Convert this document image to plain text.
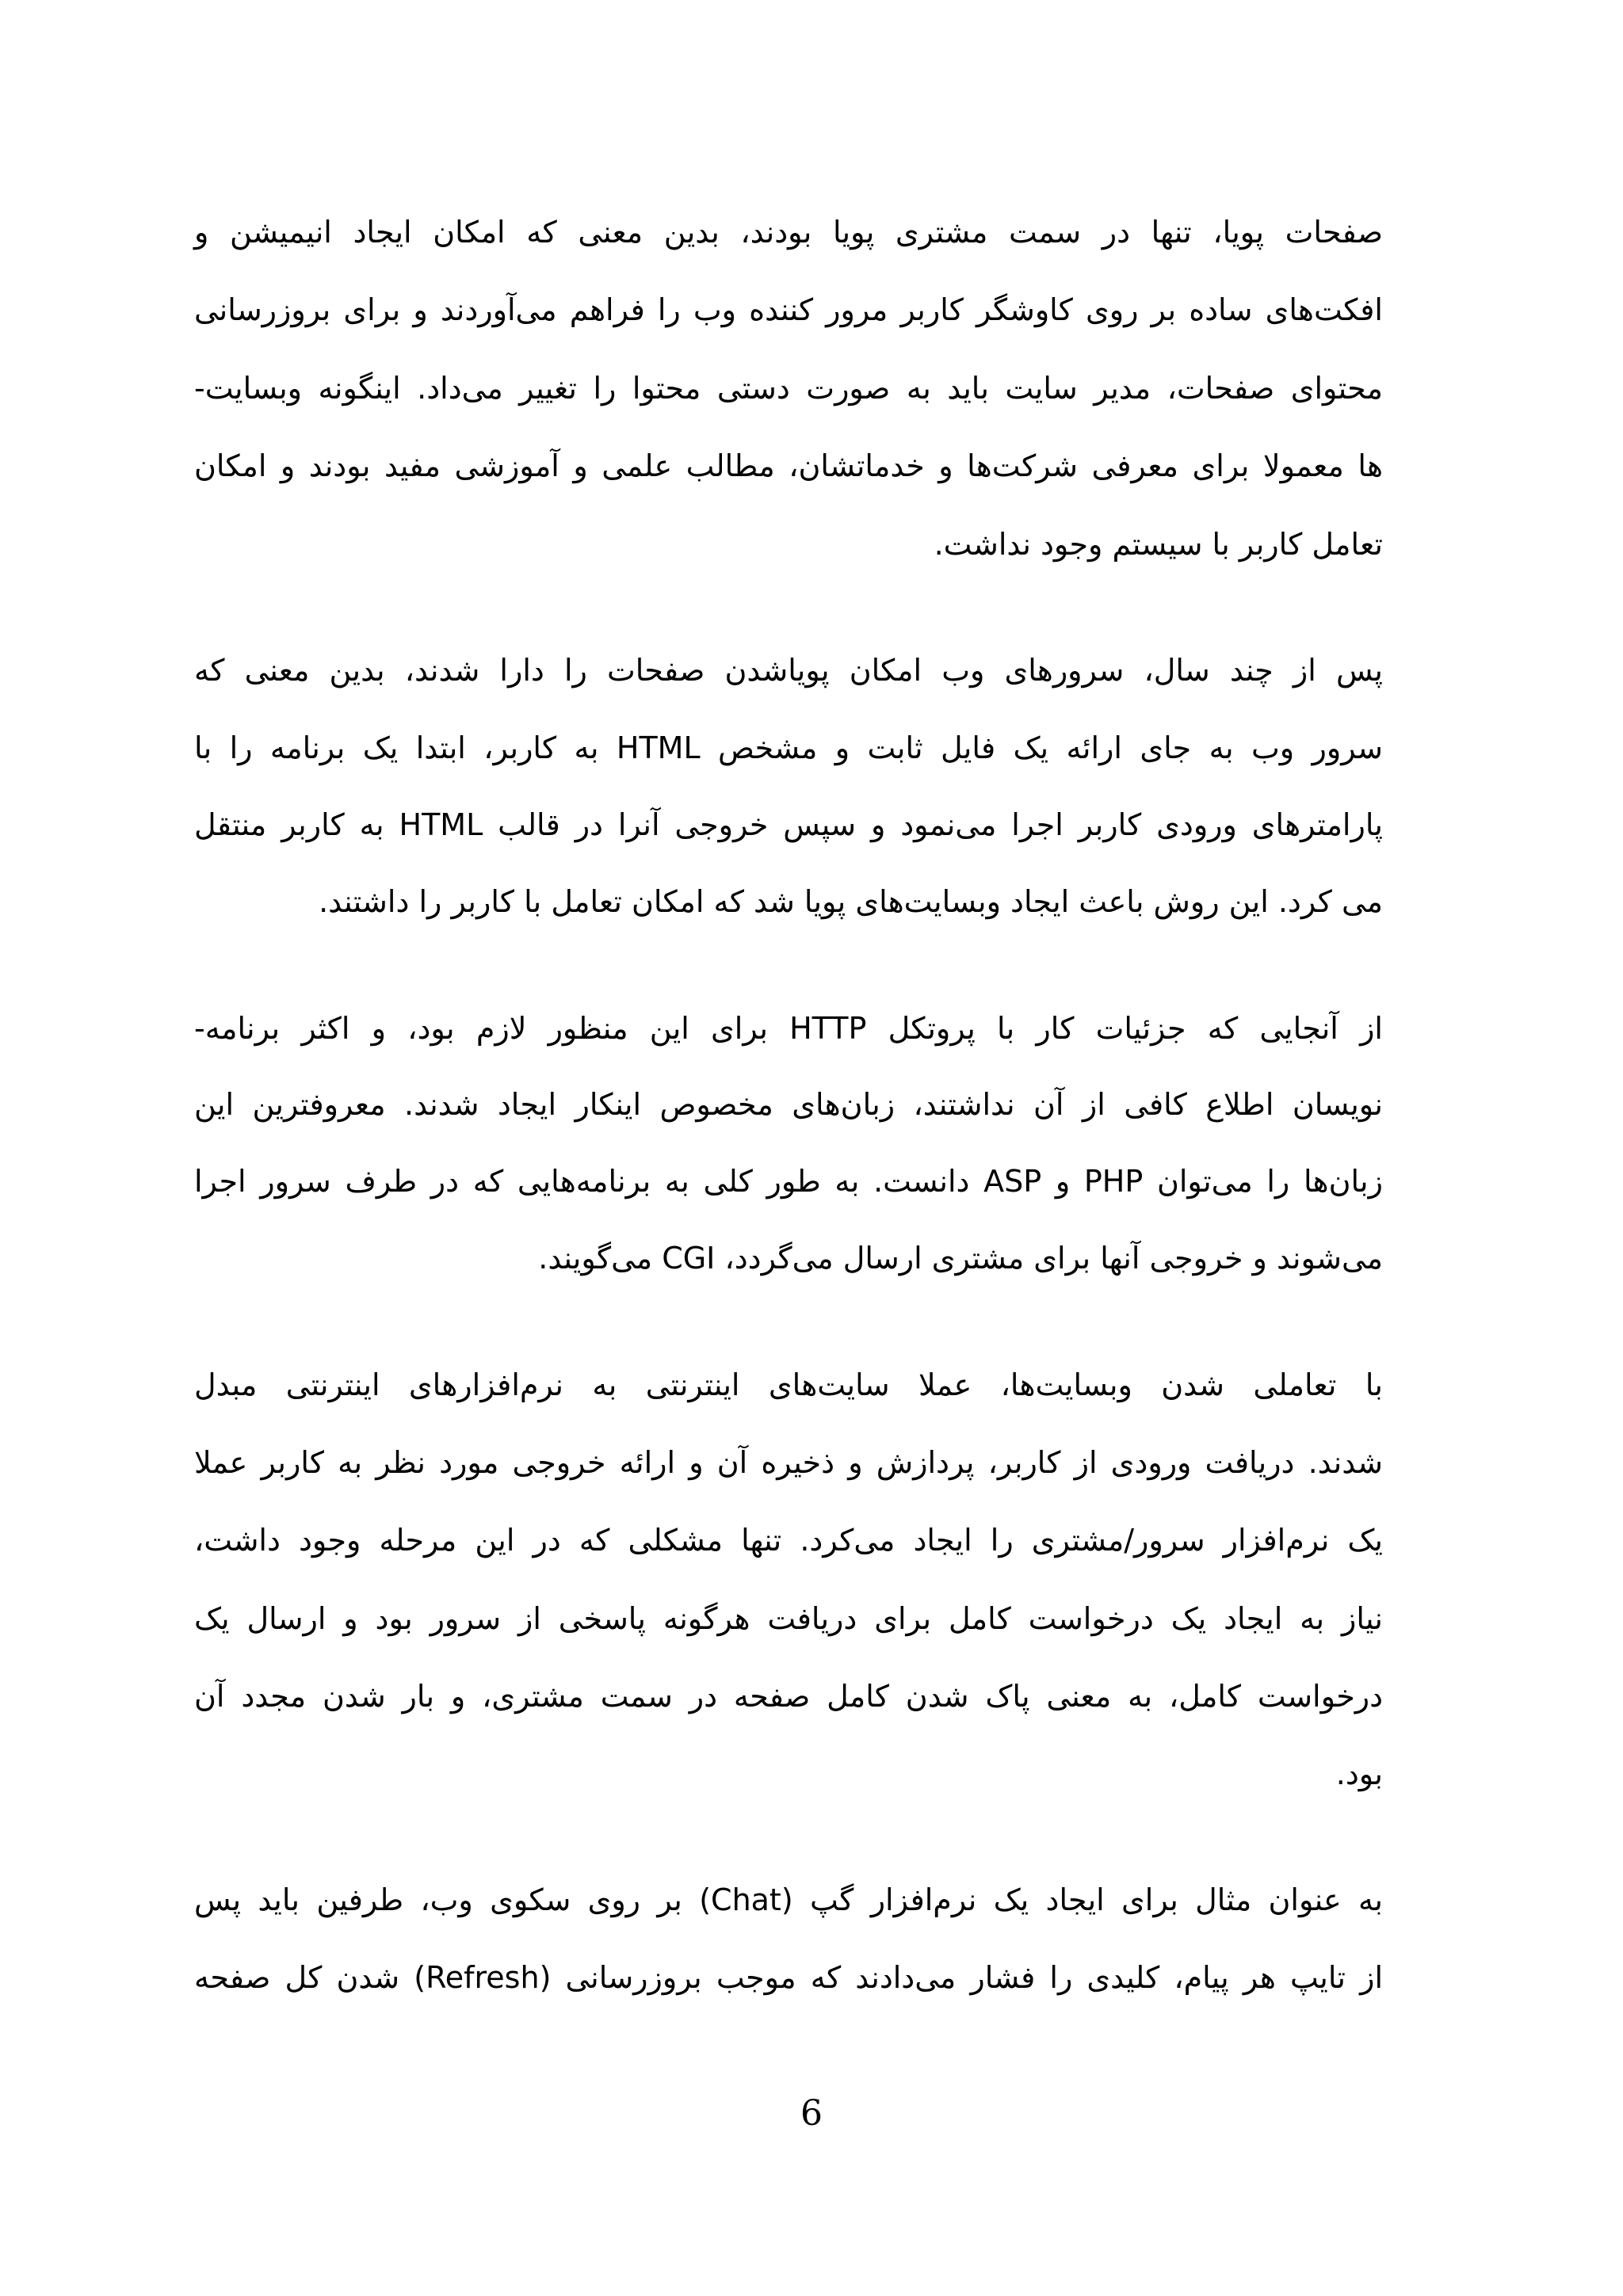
صفحات پویا، تنها در سمت مشتری پویا بودند، بدین معنی که امکان ایجاد انیمیشن و
افکت‌های ساده بر روی کاوشگر کاربر مرور کننده وب را فراهم می‌آوردند و برای بروزرسانی
محتوای صفحات، مدیر سایت باید به صورت دستی محتوا را تغییر می‌داد. اینگونه وبسایت-
ها معمولا برای معرفی شرکت‌ها و خدماتشان، مطالب علمی و آموزشی مفید بودند و امکان
تعامل کاربر با سیستم وجود نداشت.
پس از چند سال، سرورهای وب امکان پویاشدن صفحات را دارا شدند، بدین معنی که
سرور وب به جای ارائه یک فایل ثابت و مشخص HTML به کاربر، ابتدا یک برنامه را با
پارامترهای ورودی کاربر اجرا می‌نمود و سپس خروجی آنرا در قالب HTML به کاربر منتقل
می کرد. این روش باعث ایجاد وبسایت‌های پویا شد که امکان تعامل با کاربر را داشتند.
از آنجایی که جزئیات کار با پروتکل HTTP برای این منظور لازم بود، و اکثر برنامه-
نویسان اطلاع کافی از آن نداشتند، زبان‌های مخصوص اینکار ایجاد شدند. معروفترین این
زبان‌ها را می‌توان PHP و ASP دانست. به طور کلی به برنامه‌هایی که در طرف سرور اجرا
می‌شوند و خروجی آنها برای مشتری ارسال می‌گردد، CGI می‌گویند.
با تعاملی شدن وبسایت‌ها، عملا سایت‌های اینترنتی به نرم‌افزارهای اینترنتی مبدل
شدند. دریافت ورودی از کاربر، پردازش و ذخیره آن و ارائه خروجی مورد نظر به کاربر عملا
یک نرم‌افزار سرور/مشتری را ایجاد می‌کرد. تنها مشکلی که در این مرحله وجود داشت،
نیاز به ایجاد یک درخواست کامل برای دریافت هرگونه پاسخی از سرور بود و ارسال یک
درخواست کامل، به معنی پاک شدن کامل صفحه در سمت مشتری، و بار شدن مجدد آن
بود.
به عنوان مثال برای ایجاد یک نرم‌افزار گپ (Chat) بر روی سکوی وب، طرفین باید پس
از تایپ هر پیام، کلیدی را فشار می‌دادند که موجب بروزرسانی (Refresh) شدن کل صفحه
6
